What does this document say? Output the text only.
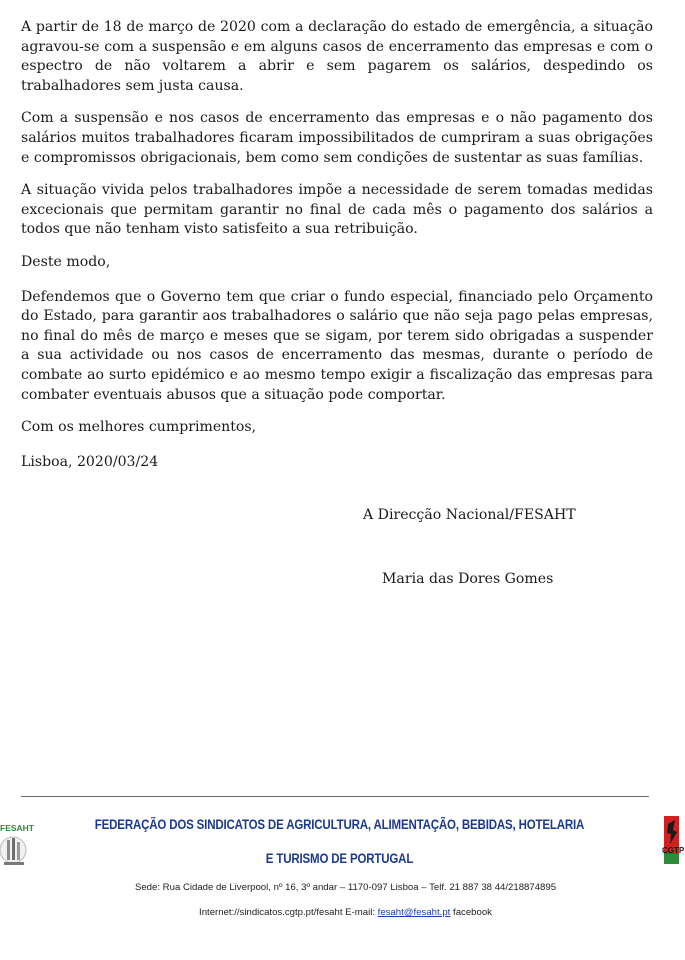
A partir de 18 de março de 2020 com a declaração do estado de emergência, a situação agravou-se com a suspensão e em alguns casos de encerramento das empresas e com o espectro de não voltarem a abrir e sem pagarem os salários, despedindo os trabalhadores sem justa causa.

Com a suspensão e nos casos de encerramento das empresas e o não pagamento dos salários muitos trabalhadores ficaram impossibilitados de cumpriram a suas obrigações e compromissos obrigacionais, bem como sem condições de sustentar as suas famílias.

A situação vivida pelos trabalhadores impõe a necessidade de serem tomadas medidas excecionais que permitam garantir no final de cada mês o pagamento dos salários a todos que não tenham visto satisfeito a sua retribuição.

Deste modo,

Defendemos que o Governo tem que criar o fundo especial, financiado pelo Orçamento do Estado, para garantir aos trabalhadores o salário que não seja pago pelas empresas, no final do mês de março e meses que se sigam, por terem sido obrigadas a suspender a sua actividade ou nos casos de encerramento das mesmas, durante o período de combate ao surto epidémico e ao mesmo tempo exigir a fiscalização das empresas para combater eventuais abusos que a situação pode comportar.

Com os melhores cumprimentos,

Lisboa, 2020/03/24

A Direcção Nacional/FESAHT
Maria das Dores Gomes
FESAHT	FEDERAÇÃO DOS SINDICATOS DE AGRICULTURA, ALIMENTAÇÃO, BEBIDAS, HOTELARIA
E TURISMO DE PORTUGAL
CGTP
Sede: Rua Cidade de Liverpool, nº 16, 3º andar – 1170-097 Lisboa – Telf. 21 887 38 44/218874895
Internet://sindicatos.cgtp.pt/fesaht E-mail: fesaht@fesaht.pt facebook
